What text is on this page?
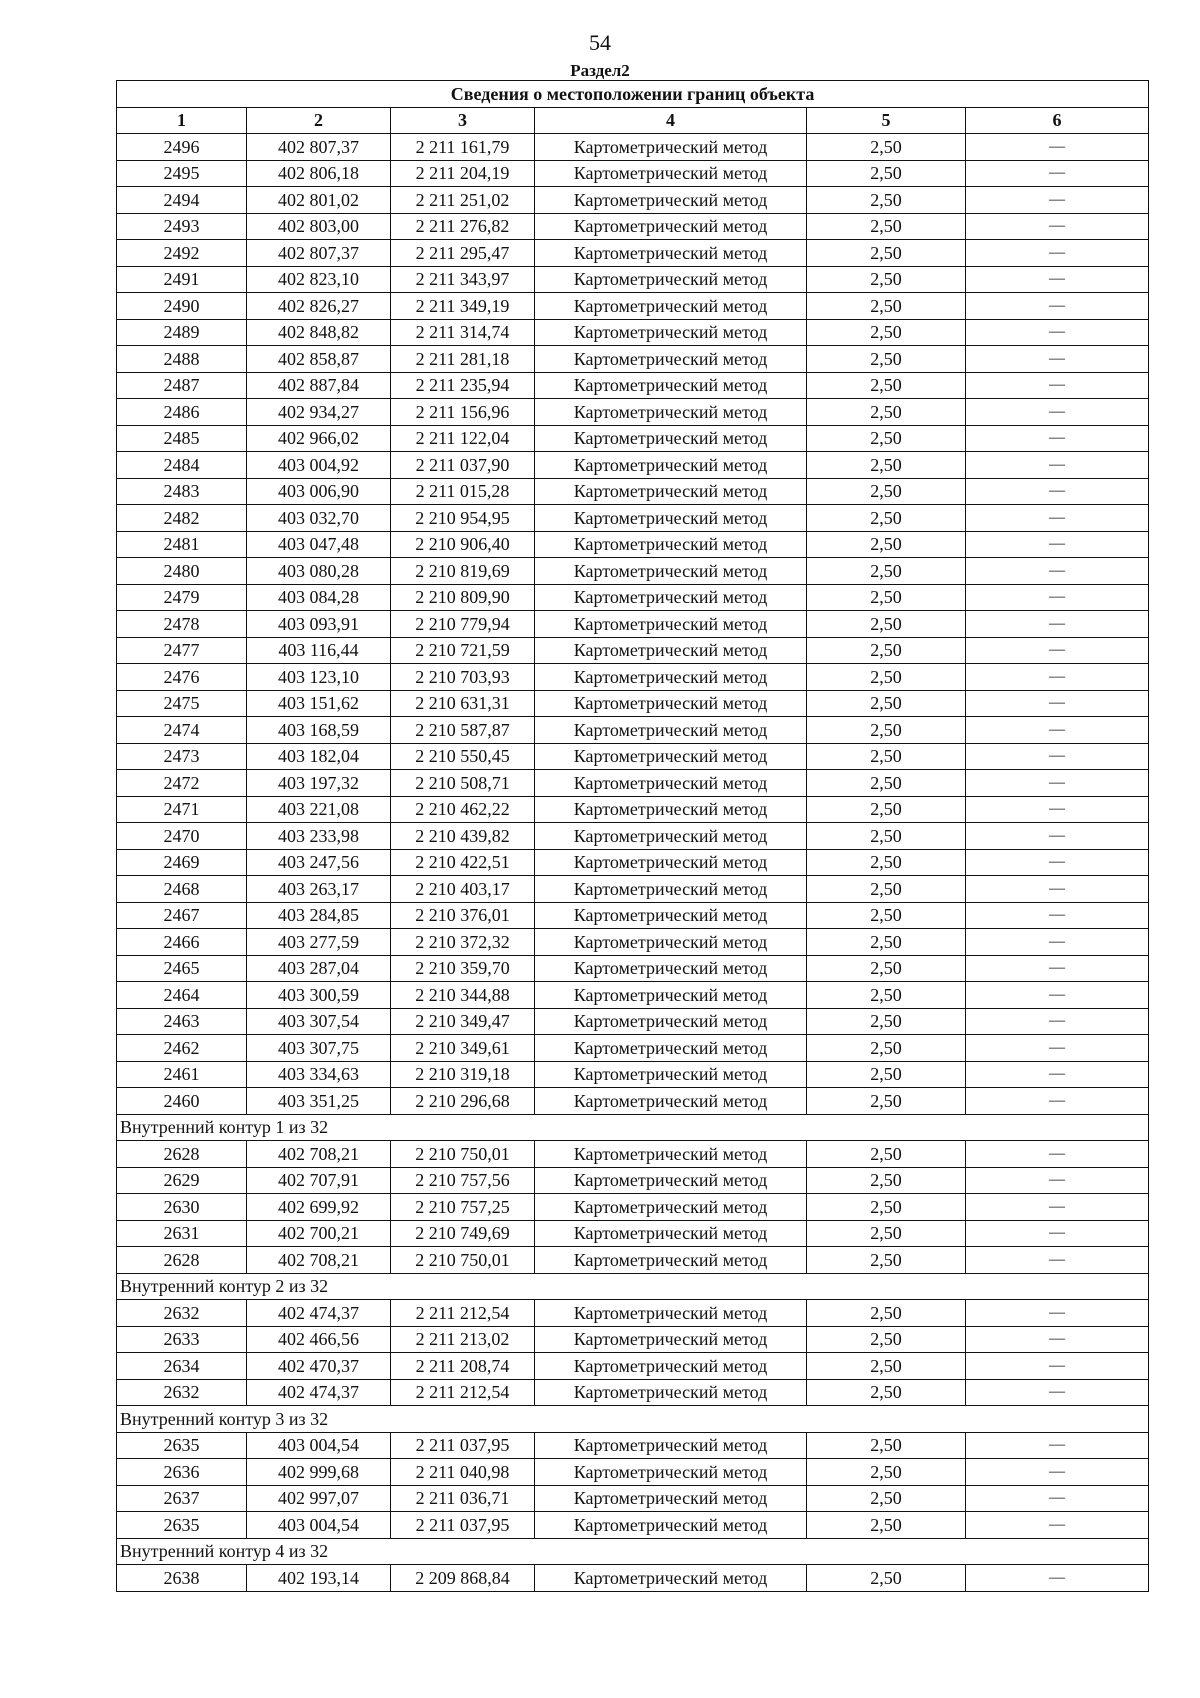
54
Раздел2
Сведения о местоположении границ объекта					
1	2	3	4	5	6
2496	402 807,37	2 211 161,79	Картометрический метод	2,50	—
2495	402 806,18	2 211 204,19	Картометрический метод	2,50	—
2494	402 801,02	2 211 251,02	Картометрический метод	2,50	—
2493	402 803,00	2 211 276,82	Картометрический метод	2,50	—
2492	402 807,37	2 211 295,47	Картометрический метод	2,50	—
2491	402 823,10	2 211 343,97	Картометрический метод	2,50	—
2490	402 826,27	2 211 349,19	Картометрический метод	2,50	—
2489	402 848,82	2 211 314,74	Картометрический метод	2,50	—
2488	402 858,87	2 211 281,18	Картометрический метод	2,50	—
2487	402 887,84	2 211 235,94	Картометрический метод	2,50	—
2486	402 934,27	2 211 156,96	Картометрический метод	2,50	—
2485	402 966,02	2 211 122,04	Картометрический метод	2,50	—
2484	403 004,92	2 211 037,90	Картометрический метод	2,50	—
2483	403 006,90	2 211 015,28	Картометрический метод	2,50	—
2482	403 032,70	2 210 954,95	Картометрический метод	2,50	—
2481	403 047,48	2 210 906,40	Картометрический метод	2,50	—
2480	403 080,28	2 210 819,69	Картометрический метод	2,50	—
2479	403 084,28	2 210 809,90	Картометрический метод	2,50	—
2478	403 093,91	2 210 779,94	Картометрический метод	2,50	—
2477	403 116,44	2 210 721,59	Картометрический метод	2,50	—
2476	403 123,10	2 210 703,93	Картометрический метод	2,50	—
2475	403 151,62	2 210 631,31	Картометрический метод	2,50	—
2474	403 168,59	2 210 587,87	Картометрический метод	2,50	—
2473	403 182,04	2 210 550,45	Картометрический метод	2,50	—
2472	403 197,32	2 210 508,71	Картометрический метод	2,50	—
2471	403 221,08	2 210 462,22	Картометрический метод	2,50	—
2470	403 233,98	2 210 439,82	Картометрический метод	2,50	—
2469	403 247,56	2 210 422,51	Картометрический метод	2,50	—
2468	403 263,17	2 210 403,17	Картометрический метод	2,50	—
2467	403 284,85	2 210 376,01	Картометрический метод	2,50	—
2466	403 277,59	2 210 372,32	Картометрический метод	2,50	—
2465	403 287,04	2 210 359,70	Картометрический метод	2,50	—
2464	403 300,59	2 210 344,88	Картометрический метод	2,50	—
2463	403 307,54	2 210 349,47	Картометрический метод	2,50	—
2462	403 307,75	2 210 349,61	Картометрический метод	2,50	—
2461	403 334,63	2 210 319,18	Картометрический метод	2,50	—
2460	403 351,25	2 210 296,68	Картометрический метод	2,50	—
Внутренний контур 1 из 32					
2628	402 708,21	2 210 750,01	Картометрический метод	2,50	—
2629	402 707,91	2 210 757,56	Картометрический метод	2,50	—
2630	402 699,92	2 210 757,25	Картометрический метод	2,50	—
2631	402 700,21	2 210 749,69	Картометрический метод	2,50	—
2628	402 708,21	2 210 750,01	Картометрический метод	2,50	—
Внутренний контур 2 из 32					
2632	402 474,37	2 211 212,54	Картометрический метод	2,50	—
2633	402 466,56	2 211 213,02	Картометрический метод	2,50	—
2634	402 470,37	2 211 208,74	Картометрический метод	2,50	—
2632	402 474,37	2 211 212,54	Картометрический метод	2,50	—
Внутренний контур 3 из 32					
2635	403 004,54	2 211 037,95	Картометрический метод	2,50	—
2636	402 999,68	2 211 040,98	Картометрический метод	2,50	—
2637	402 997,07	2 211 036,71	Картометрический метод	2,50	—
2635	403 004,54	2 211 037,95	Картометрический метод	2,50	—
Внутренний контур 4 из 32					
2638	402 193,14	2 209 868,84	Картометрический метод	2,50	—
